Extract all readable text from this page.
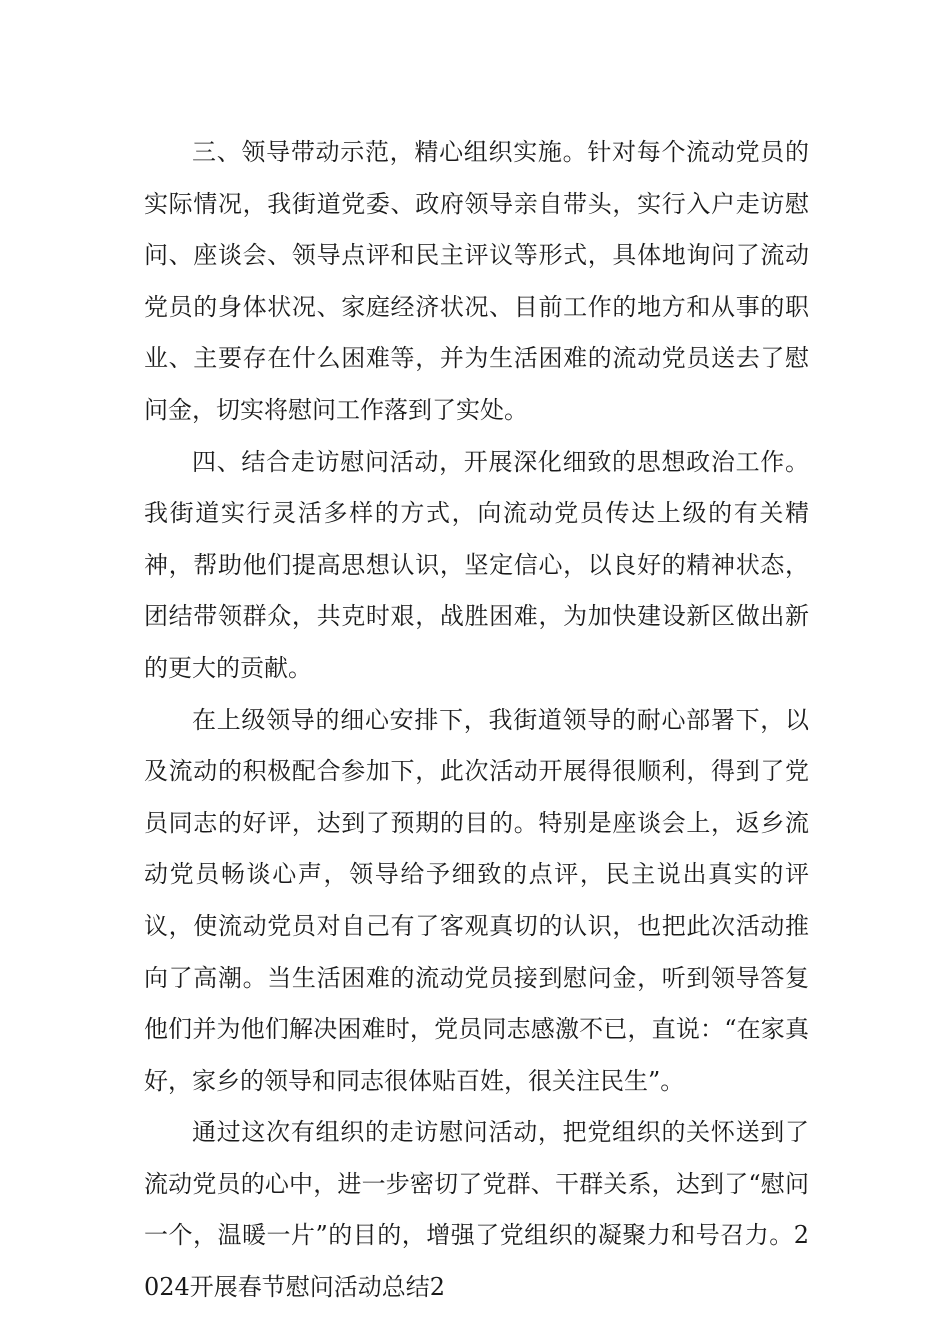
三、领导带动示范，精心组织实施。针对每个流动党员的实际情况，我街道党委、政府领导亲自带头，实行入户走访慰问、座谈会、领导点评和民主评议等形式，具体地询问了流动党员的身体状况、家庭经济状况、目前工作的地方和从事的职业、主要存在什么困难等，并为生活困难的流动党员送去了慰问金，切实将慰问工作落到了实处。

四、结合走访慰问活动，开展深化细致的思想政治工作。我街道实行灵活多样的方式，向流动党员传达上级的有关精神，帮助他们提高思想认识，坚定信心，以良好的精神状态，团结带领群众，共克时艰，战胜困难，为加快建设新区做出新的更大的贡献。

在上级领导的细心安排下，我街道领导的耐心部署下，以及流动的积极配合参加下，此次活动开展得很顺利，得到了党员同志的好评，达到了预期的目的。特别是座谈会上，返乡流动党员畅谈心声，领导给予细致的点评，民主说出真实的评议，使流动党员对自己有了客观真切的认识，也把此次活动推向了高潮。当生活困难的流动党员接到慰问金，听到领导答复他们并为他们解决困难时，党员同志感激不已，直说：“在家真好，家乡的领导和同志很体贴百姓，很关注民生”。

通过这次有组织的走访慰问活动，把党组织的关怀送到了流动党员的心中，进一步密切了党群、干群关系，达到了“慰问一个，温暖一片”的目的，增强了党组织的凝聚力和号召力。2024开展春节慰问活动总结2
